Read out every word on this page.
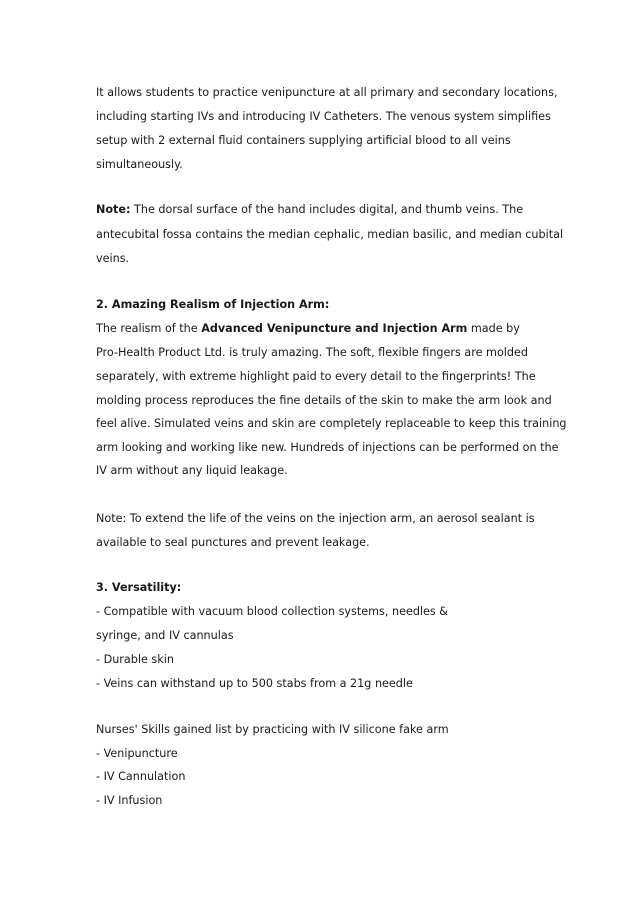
It allows students to practice venipuncture at all primary and secondary locations,

including starting IVs and introducing IV Catheters. The venous system simplifies

setup with 2 external fluid containers supplying artificial blood to all veins

simultaneously.

Note: The dorsal surface of the hand includes digital, and thumb veins. The

antecubital fossa contains the median cephalic, median basilic, and median cubital

veins.

2. Amazing Realism of Injection Arm:

The realism of the Advanced Venipuncture and Injection Arm made by

Pro-Health Product Ltd. is truly amazing. The soft, flexible fingers are molded

separately, with extreme highlight paid to every detail to the fingerprints! The

molding process reproduces the fine details of the skin to make the arm look and

feel alive. Simulated veins and skin are completely replaceable to keep this training

arm looking and working like new. Hundreds of injections can be performed on the

IV arm without any liquid leakage.

Note: To extend the life of the veins on the injection arm, an aerosol sealant is

available to seal punctures and prevent leakage.

3. Versatility:

- Compatible with vacuum blood collection systems, needles &

syringe, and IV cannulas

- Durable skin

- Veins can withstand up to 500 stabs from a 21g needle

Nurses' Skills gained list by practicing with IV silicone fake arm

- Venipuncture

- IV Cannulation

- IV Infusion
